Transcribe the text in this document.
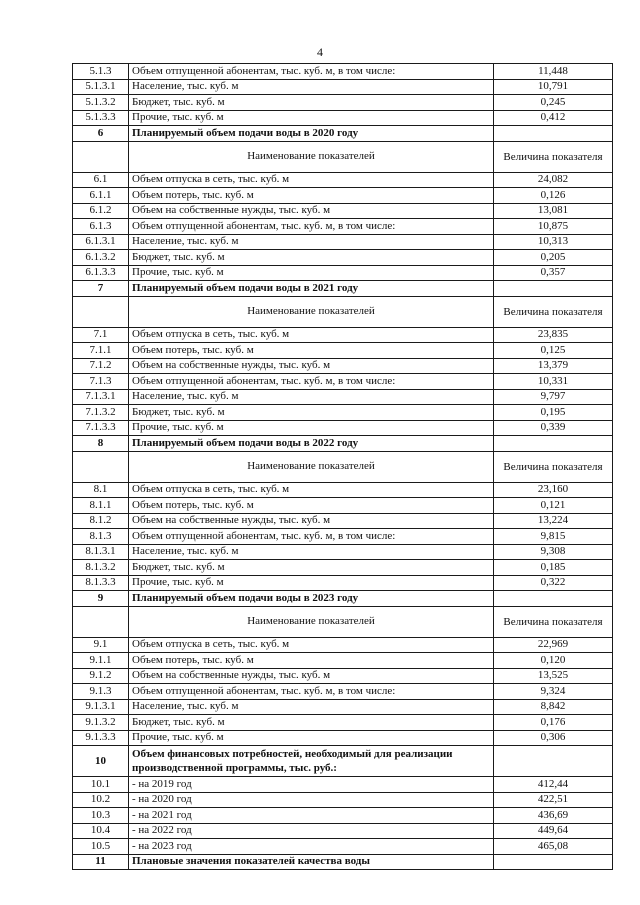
4
5.1.3	Объем отпущенной абонентам, тыс. куб. м, в том числе:	11,448
5.1.3.1	Население, тыс. куб. м	10,791
5.1.3.2	Бюджет, тыс. куб. м	0,245
5.1.3.3	Прочие, тыс. куб. м	0,412
6	Планируемый объем подачи воды в 2020 году	
	Наименование показателей	Величина показателя
6.1	Объем отпуска в сеть, тыс. куб. м	24,082
6.1.1	Объем потерь, тыс. куб. м	0,126
6.1.2	Объем на собственные нужды, тыс. куб. м	13,081
6.1.3	Объем отпущенной абонентам, тыс. куб. м, в том числе:	10,875
6.1.3.1	Население, тыс. куб. м	10,313
6.1.3.2	Бюджет, тыс. куб. м	0,205
6.1.3.3	Прочие, тыс. куб. м	0,357
7	Планируемый объем подачи воды в 2021 году	
	Наименование показателей	Величина показателя
7.1	Объем отпуска в сеть, тыс. куб. м	23,835
7.1.1	Объем потерь, тыс. куб. м	0,125
7.1.2	Объем на собственные нужды, тыс. куб. м	13,379
7.1.3	Объем отпущенной абонентам, тыс. куб. м, в том числе:	10,331
7.1.3.1	Население, тыс. куб. м	9,797
7.1.3.2	Бюджет, тыс. куб. м	0,195
7.1.3.3	Прочие, тыс. куб. м	0,339
8	Планируемый объем подачи воды в 2022 году	
	Наименование показателей	Величина показателя
8.1	Объем отпуска в сеть, тыс. куб. м	23,160
8.1.1	Объем потерь, тыс. куб. м	0,121
8.1.2	Объем на собственные нужды, тыс. куб. м	13,224
8.1.3	Объем отпущенной абонентам, тыс. куб. м, в том числе:	9,815
8.1.3.1	Население, тыс. куб. м	9,308
8.1.3.2	Бюджет, тыс. куб. м	0,185
8.1.3.3	Прочие, тыс. куб. м	0,322
9	Планируемый объем подачи воды в 2023 году	
	Наименование показателей	Величина показателя
9.1	Объем отпуска в сеть, тыс. куб. м	22,969
9.1.1	Объем потерь, тыс. куб. м	0,120
9.1.2	Объем на собственные нужды, тыс. куб. м	13,525
9.1.3	Объем отпущенной абонентам, тыс. куб. м, в том числе:	9,324
9.1.3.1	Население, тыс. куб. м	8,842
9.1.3.2	Бюджет, тыс. куб. м	0,176
9.1.3.3	Прочие, тыс. куб. м	0,306
10	Объем финансовых потребностей, необходимый для реализации производственной программы, тыс. руб.:	
10.1	- на 2019 год	412,44
10.2	- на 2020 год	422,51
10.3	- на 2021 год	436,69
10.4	- на 2022 год	449,64
10.5	- на 2023 год	465,08
11	Плановые значения показателей качества воды	
